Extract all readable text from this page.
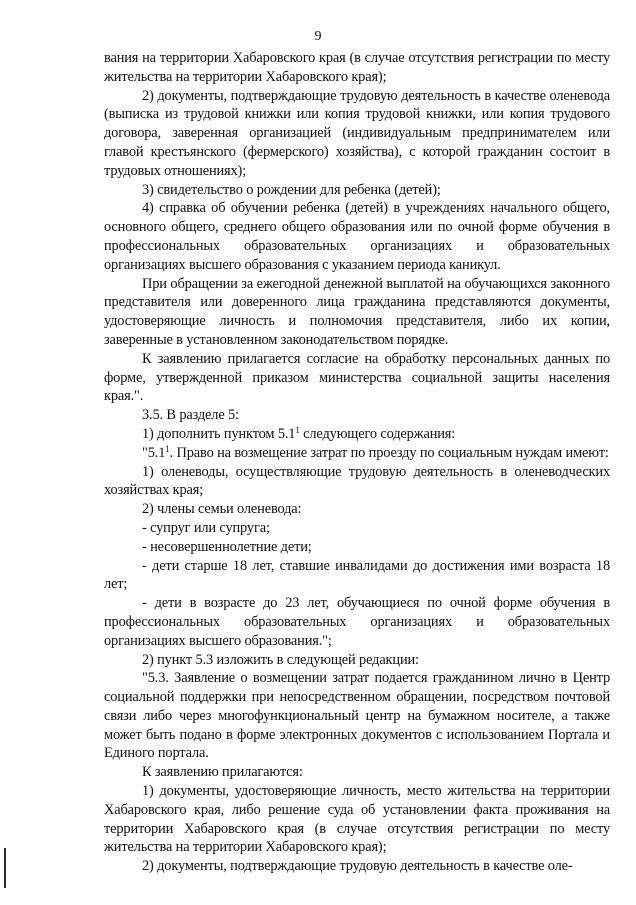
9

вания на территории Хабаровского края (в случае отсутствия регистрации по месту жительства на территории Хабаровского края);

2) документы, подтверждающие трудовую деятельность в качестве оленевода (выписка из трудовой книжки или копия трудовой книжки, или копия трудового договора, заверенная организацией (индивидуальным предпринимателем или главой крестьянского (фермерского) хозяйства), с которой гражданин состоит в трудовых отношениях);

3) свидетельство о рождении для ребенка (детей);

4) справка об обучении ребенка (детей) в учреждениях начального общего, основного общего, среднего общего образования или по очной форме обучения в профессиональных образовательных организациях и образовательных организациях высшего образования с указанием периода каникул.

При обращении за ежегодной денежной выплатой на обучающихся законного представителя или доверенного лица гражданина представляются документы, удостоверяющие личность и полномочия представителя, либо их копии, заверенные в установленном законодательством порядке.

К заявлению прилагается согласие на обработку персональных данных по форме, утвержденной приказом министерства социальной защиты населения края.".

3.5. В разделе 5:

1) дополнить пунктом $5.1^1$ следующего содержания:

"$5.1^1$. Право на возмещение затрат по проезду по социальным нуждам имеют:

1) оленеводы, осуществляющие трудовую деятельность в оленеводческих хозяйствах края;

2) члены семьи оленевода:

- супруг или супруга;

- несовершеннолетние дети;

- дети старше 18 лет, ставшие инвалидами до достижения ими возраста 18 лет;

- дети в возрасте до 23 лет, обучающиеся по очной форме обучения в профессиональных образовательных организациях и образовательных организациях высшего образования.";

2) пункт 5.3 изложить в следующей редакции:

"5.3. Заявление о возмещении затрат подается гражданином лично в Центр социальной поддержки при непосредственном обращении, посредством почтовой связи либо через многофункциональный центр на бумажном носителе, а также может быть подано в форме электронных документов с использованием Портала и Единого портала.

К заявлению прилагаются:

1) документы, удостоверяющие личность, место жительства на территории Хабаровского края, либо решение суда об установлении факта проживания на территории Хабаровского края (в случае отсутствия регистрации по месту жительства на территории Хабаровского края);

2) документы, подтверждающие трудовую деятельность в качестве оле-
